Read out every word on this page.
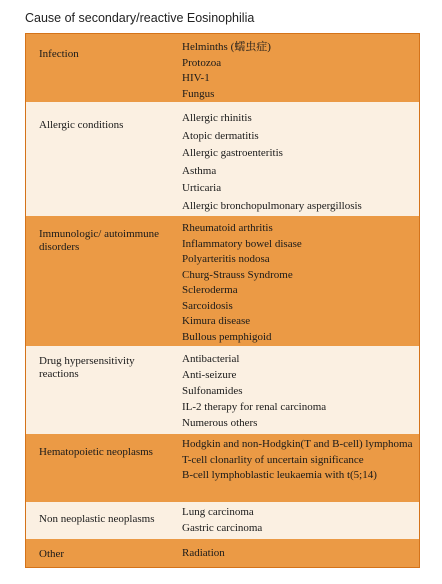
Cause of secondary/reactive Eosinophilia
Infection
Helminths (蠕虫症)
Protozoa
HIV-1
Fungus
Allergic conditions
Allergic rhinitis
Atopic dermatitis
Allergic gastroenteritis
Asthma
Urticaria
Allergic bronchopulmonary aspergillosis
Immunologic/ autoimmune
disorders
Rheumatoid arthritis
Inflammatory bowel disase
Polyarteritis nodosa
Churg-Strauss Syndrome
Scleroderma
Sarcoidosis
Kimura disease
Bullous pemphigoid
Drug hypersensitivity
reactions
Antibacterial
Anti-seizure
Sulfonamides
IL-2 therapy for renal carcinoma
Numerous others
Hematopoietic neoplasms
Hodgkin and non-Hodgkin(T and B-cell) lymphoma
T-cell clonarlity of uncertain significance
B-cell lymphoblastic leukaemia with t(5;14)
Non neoplastic neoplasms
Lung carcinoma
Gastric carcinoma
Other	Radiation
